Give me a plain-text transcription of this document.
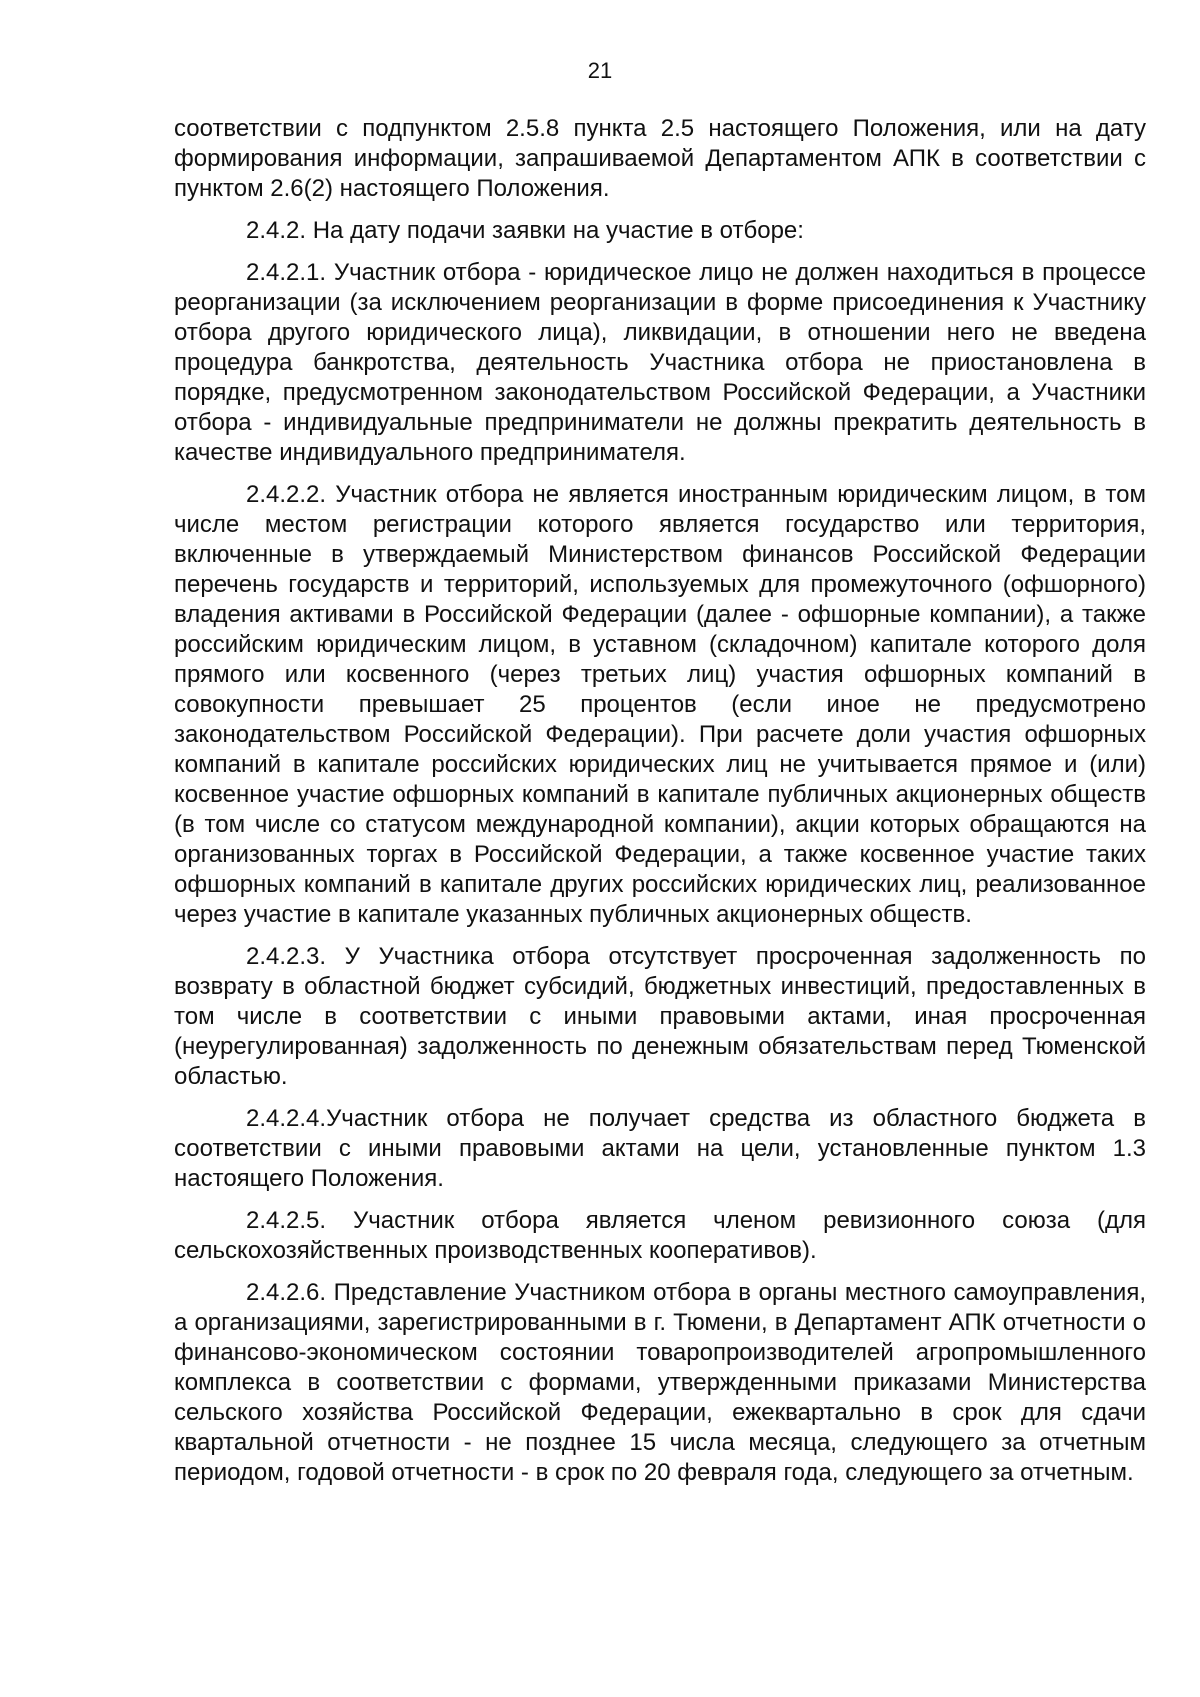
21

соответствии с подпунктом 2.5.8 пункта 2.5 настоящего Положения, или на дату формирования информации, запрашиваемой Департаментом АПК в соответствии с пунктом 2.6(2) настоящего Положения.

2.4.2. На дату подачи заявки на участие в отборе:

2.4.2.1. Участник отбора - юридическое лицо не должен находиться в процессе реорганизации (за исключением реорганизации в форме присоединения к Участнику отбора другого юридического лица), ликвидации, в отношении него не введена процедура банкротства, деятельность Участника отбора не приостановлена в порядке, предусмотренном законодательством Российской Федерации, а Участники отбора - индивидуальные предприниматели не должны прекратить деятельность в качестве индивидуального предпринимателя.

2.4.2.2. Участник отбора не является иностранным юридическим лицом, в том числе местом регистрации которого является государство или территория, включенные в утверждаемый Министерством финансов Российской Федерации перечень государств и территорий, используемых для промежуточного (офшорного) владения активами в Российской Федерации (далее - офшорные компании), а также российским юридическим лицом, в уставном (складочном) капитале которого доля прямого или косвенного (через третьих лиц) участия офшорных компаний в совокупности превышает 25 процентов (если иное не предусмотрено законодательством Российской Федерации). При расчете доли участия офшорных компаний в капитале российских юридических лиц не учитывается прямое и (или) косвенное участие офшорных компаний в капитале публичных акционерных обществ (в том числе со статусом международной компании), акции которых обращаются на организованных торгах в Российской Федерации, а также косвенное участие таких офшорных компаний в капитале других российских юридических лиц, реализованное через участие в капитале указанных публичных акционерных обществ.

2.4.2.3. У Участника отбора отсутствует просроченная задолженность по возврату в областной бюджет субсидий, бюджетных инвестиций, предоставленных в том числе в соответствии с иными правовыми актами, иная просроченная (неурегулированная) задолженность по денежным обязательствам перед Тюменской областью.

2.4.2.4.Участник отбора не получает средства из областного бюджета в соответствии с иными правовыми актами на цели, установленные пунктом 1.3 настоящего Положения.

2.4.2.5. Участник отбора является членом ревизионного союза (для сельскохозяйственных производственных кооперативов).

2.4.2.6. Представление Участником отбора в органы местного самоуправления, а организациями, зарегистрированными в г. Тюмени, в Департамент АПК отчетности о финансово-экономическом состоянии товаропроизводителей агропромышленного комплекса в соответствии с формами, утвержденными приказами Министерства сельского хозяйства Российской Федерации, ежеквартально в срок для сдачи квартальной отчетности - не позднее 15 числа месяца, следующего за отчетным периодом, годовой отчетности - в срок по 20 февраля года, следующего за отчетным.
